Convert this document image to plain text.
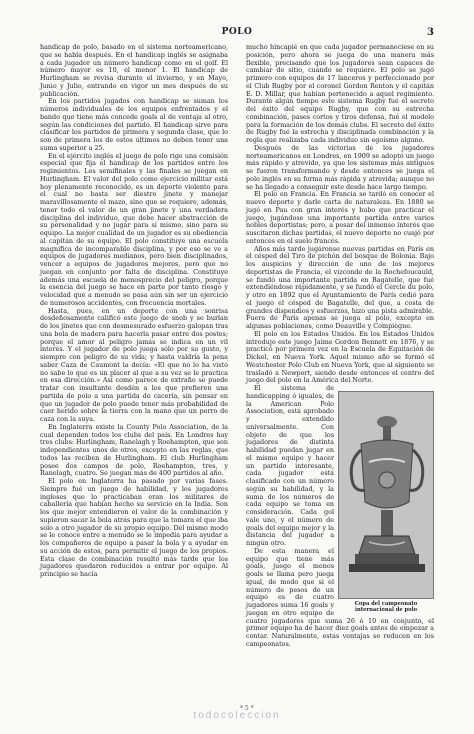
POLO	3

handicap de polo, basado en el sistema norteamericano, que se había después. En el handicap inglés se asignaba a cada jugador un número handicap como en el golf. El número mayor es 10, el menor 1. El handicap de Hurlingham se revisa durante el invierno, y en Mayo, Junio y Julio, entrando en vigor un mes después de su publicación.

En los partidos jugados con handicap se suman los números individuales de los equipos enfrentados y el bando que tiene más concede goals al de ventaja al otro, según las condiciones del partido. El handicap sirve para clasificar los partidos de primera y segunda clase, que lo son de primera los de estos últimos no deben tener una suma superior a 25.

En el ejército inglés el juego de polo rige una comisión especial que fija el handicap de los partidos entre los regimientos. Los semifinales y las finales se juegan en Hurlingham. El valor del polo como ejercicio militar está hoy plenamente reconocido, es un deporte violento para el cual no basta ser diestro jinete y manejar maravillosamente el mazo, sino que se requiere, además, tener todo el valor de un gran jinete y una verdadera disciplina del individuo, que debe hacer abstracción de su personalidad y no jugar para sí mismo, sino para su equipo. La mejor cualidad de un jugador es su obediencia al capitán de su equipo. El polo constituye una escuela magnífica de incomparable disciplina, y por eso se ve a equipos de jugadores medianos, pero bien disciplinados, vencer a equipos de jugadores mejores, pero que no juegan en conjunto por falta de disciplina. Constituye además una escuela de menosprecio del peligro, porque la esencia del juego se hace en parte por tanto riesgo y velocidad que a menudo se pasa aún sin ser un ejercicio de numerosos accidentes, con frecuencia mortales.

Hasta, pues, en un deporte con una sonrisa desdeñosamente calificó este juego de snob y se burlan de los jinetes que con desmesurado esfuerzo galopan tras una bola de madera para hacerla pasar entre dos postes; porque el amor al peligro jamás se indica en un vil interés. Y el jugador de polo juega sólo por su gusto, y siempre con peligro de su vida; y hasta valdría la pena saber Caza de Caumont la decía: «El que no lo ha visto no sabe lo que es un placer al que a su vez se le practica en esa dirección.» Así como parece de extraño se puede tratar con insultante desdén a los que prefieren una partida de polo a una partida de cacería, sin pensar en que un jugador de polo puede tener más probabilidad de caer herido sobre la tierra con la mano que un perro de caza con la suya.

En Inglaterra existe la County Polo Association, de la cual dependen todos los clubs del país. En Londres hay tres clubs: Hurlingham, Ranelagh y Roehampton, que son independientes unos de otros, excepto en las reglas, que todos las reciben de Hurlingham. El club Hurlingham posee dos campos de polo, Roehampton, tres, y Ranelagh, cuatro. Se juegan más de 400 partidos al año.

El polo en Inglaterra ha pasado por varias fases. Siempre fué un juego de habilidad, y los jugadores ingleses que lo practicaban eran los militares de caballería que habían hecho su servicio en la India. Son los que mejor entendieron el valor de la combinación y supieron sacar la bola atrás para que la tomara el que iba solo a otro jugador de su propio equipo. Del mismo modo se le conoce entre a menudo se le impedía para ayudar a los compañeros de equipo a pasar la bola y a ayudar en su acción de estos, para permitir el juego de los propios. Esta clase de combinación resultó más tarde que los jugadores quedaron reducidos a entrar por equipo. Al principio se hacía

mucho hincapié en que cada jugador permaneciese en su posición, pero ahora se juega de una manera más flexible, precisando que los jugadores sean capaces de cambiar de sitio, cuando se requiere. El polo se jugó primero con equipos de 17 lanceros y perfeccionado por el Club Rugby por el coronel Gordon Renton y el capitán E. D. Millar, que habían pertenecido a aquel regimiento. Durante algún tiempo este sistema Rugby fué el secreto del éxito del equipo Rugby, que con su estrecha combinación, pases cortos y tiros defensa, fué el modelo para la formación de los demás clubs. El secreto del éxito de Rugby fué la estrecha y disciplinada combinación y la regla que realizaba cada individuo sin egoísmo alguno.

Después de las victorias de los jugadores norteamericanos en Londres, en 1909 se adoptó un juego más rápido y atrevido, ya que los sistemas más antiguos se fueron transformando y desde entonces se juega el polo inglés en su forma más rápida y atrevida; aunque no se ha llegado a conseguir este desde hace largo tiempo.

El polo en Francia. En Francia se tardó en conocer el nuevo deporte y darle carta de naturaleza. En 1880 se jugó en Pau con gran interés y hubo que practicar el juego, jugándose una importante partida entre varios nobles deportistas; pero, a pesar del inmenso interés que suscitaron dichas partidas, el nuevo deporte no cuajó por entonces en el suelo francés.

Años más tarde jugáronse nuevas partidas en París en el césped del Tiro de pichón del bosque de Bolonia. Bajo los auspicios y dirección de uno de los mejores deportistas de Francia, el vizconde de la Rochefoucauld, se fundó una importante partida en Bagatelle, que fué extendiéndose rápidamente, y se fundó el Cercle du polo, y otro en 1892 que el Ayuntamiento de París cedió para el juego el césped de Bagatelle, del que, a costa de grandes dispendios y esfuerzos, hizo una pista admirable. Fuera de París apenas se juega al polo, excepto en algunas poblaciones, como Deauville y Compiègne.

El polo en los Estados Unidos. En los Estados Unidos introdujo este juego Jaime Gordon Bennett en 1876, y se practicó por primera vez en la Escuela de Equitación de Dickel, en Nueva York. Aquel mismo año se formó el Westchester Polo Club en Nueva York, que al siguiente se trasladó a Newport, siendo desde entonces el centro del juego del polo en la América del Norte.

Copa del campeonato internacional de polo

El sistema de handicapping ó iguales, de la American Polo Association, está aprobado y extendido universalmente. Con objeto de que los jugadores de distinta habilidad puedan jugar en el mismo equipo y hacer un partido interesante, cada jugador está clasificado con un número según su habilidad, y la suma de los números de cada equipo se toma en consideración. Cada gol vale uno, y el número de goals del equipo mejor y la distancia del jugador a ningún otro.

De esta manera el equipo que tiene más goals, juego el menos goals se llama pero juega igual, de modo que si el número de pesos de un equipo es de cuatro jugadores suma 16 goals y juegan en otro equipo de cuatro jugadores que suma 26 ó 10 en conjunto, el primer equipo ha de hacer diez goals antes de empezar a contar. Naturalmente, estas ventajas se reducen en los campeonatos.

* 5 *
todocoleccion
